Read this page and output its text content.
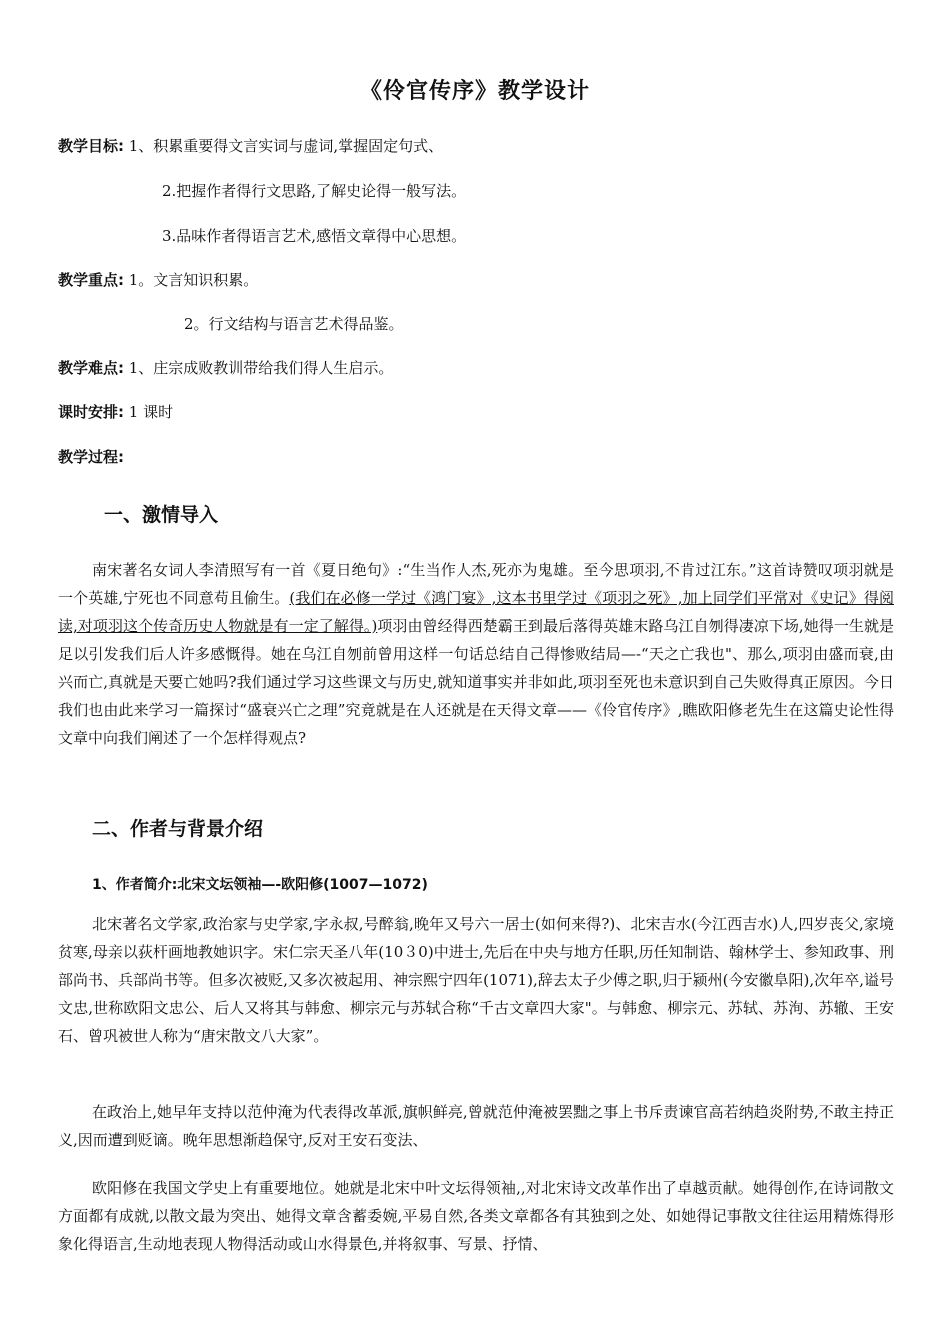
《伶官传序》教学设计
教学目标: 1、积累重要得文言实词与虚词,掌握固定句式、
2.把握作者得行文思路,了解史论得一般写法。
3.品味作者得语言艺术,感悟文章得中心思想。
教学重点: 1。文言知识积累。
2。行文结构与语言艺术得品鉴。
教学难点: 1、庄宗成败教训带给我们得人生启示。
课时安排: 1 课时
教学过程:
一、激情导入
南宋著名女词人李清照写有一首《夏日绝句》:“生当作人杰,死亦为鬼雄。至今思项羽,不肯过江东。”这首诗赞叹项羽就是一个英雄,宁死也不同意苟且偷生。(我们在必修一学过《鸿门宴》,这本书里学过《项羽之死》,加上同学们平常对《史记》得阅读,对项羽这个传奇历史人物就是有一定了解得。)项羽由曾经得西楚霸王到最后落得英雄末路乌江自刎得凄凉下场,她得一生就是足以引发我们后人许多感慨得。她在乌江自刎前曾用这样一句话总结自己得惨败结局—-“天之亡我也"、那么,项羽由盛而衰,由兴而亡,真就是天要亡她吗?我们通过学习这些课文与历史,就知道事实并非如此,项羽至死也未意识到自己失败得真正原因。今日我们也由此来学习一篇探讨“盛衰兴亡之理”究竟就是在人还就是在天得文章——《伶官传序》,瞧欧阳修老先生在这篇史论性得文章中向我们阐述了一个怎样得观点?
二、作者与背景介绍
1、作者简介:北宋文坛领袖—-欧阳修(1007—1072)
北宋著名文学家,政治家与史学家,字永叔,号醉翁,晚年又号六一居士(如何来得?)、北宋吉水(今江西吉水)人,四岁丧父,家境贫寒,母亲以荻杆画地教她识字。宋仁宗天圣八年(10３0)中进士,先后在中央与地方任职,历任知制诰、翰林学士、参知政事、刑部尚书、兵部尚书等。但多次被贬,又多次被起用、神宗熙宁四年(1071),辞去太子少傅之职,归于颍州(今安徽阜阳),次年卒,谥号文忠,世称欧阳文忠公、后人又将其与韩愈、柳宗元与苏轼合称“千古文章四大家"。与韩愈、柳宗元、苏轼、苏洵、苏辙、王安石、曾巩被世人称为“唐宋散文八大家”。
在政治上,她早年支持以范仲淹为代表得改革派,旗帜鲜亮,曾就范仲淹被罢黜之事上书斥责谏官高若纳趋炎附势,不敢主持正义,因而遭到贬谪。晚年思想渐趋保守,反对王安石变法、
欧阳修在我国文学史上有重要地位。她就是北宋中叶文坛得领袖,,对北宋诗文改革作出了卓越贡献。她得创作,在诗词散文方面都有成就,以散文最为突出、她得文章含蓄委婉,平易自然,各类文章都各有其独到之处、如她得记事散文往往运用精炼得形象化得语言,生动地表现人物得活动或山水得景色,并将叙事、写景、抒情、
